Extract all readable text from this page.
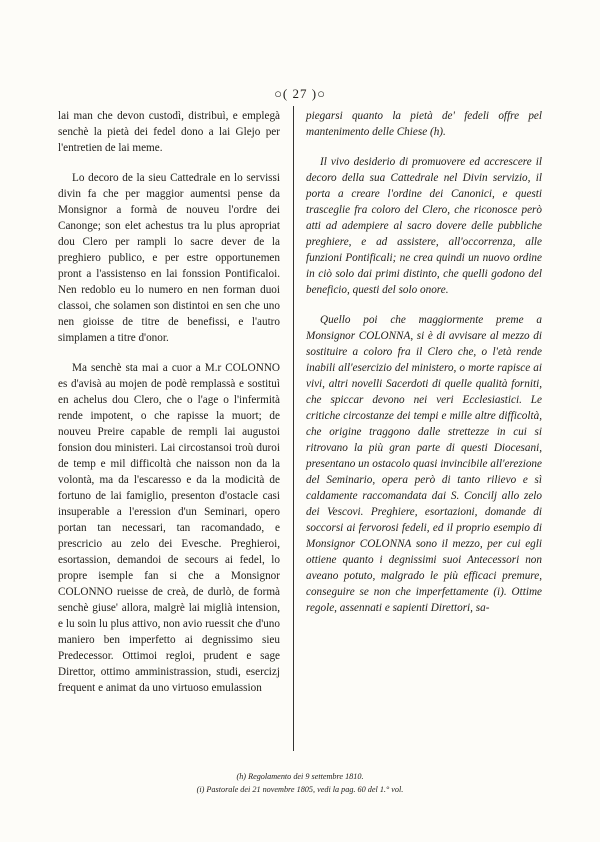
○( 27 )○

lai man che devon custodì, distribuì, e emplegà senchè la pietà dei fedel dono a lai Glejo per l'entretien de lai meme.

Lo decoro de la sieu Cattedrale en lo servissi divin fa che per maggior aumentsi pense da Monsignor a formà de nouveu l'ordre dei Canonge; son elet achestus tra lu plus apropriat dou Clero per rampli lo sacre dever de la preghiero publico, e per estre opportunemen pront a l'assistenso en lai fonssion Pontificaloi. Nen redoblo eu lo numero en nen forman duoi classoi, che solamen son distintoi en sen che uno nen gioisse de titre de benefissi, e l'autro simplamen a titre d'onor.

Ma senchè sta mai a cuor a M.r COLONNO es d'avisà au mojen de podè remplassà e sostituì en achelus dou Clero, che o l'age o l'infermità rende impotent, o che rapisse la muort; de nouveu Preire capable de rempli lai augustoi fonsion dou ministeri. Lai circostansoi troù duroi de temp e mil difficoltà che naisson non da la volontà, ma da l'escaresso e da la modicità de fortuno de lai famiglio, presenton d'ostacle casi insuperable a l'eression d'un Seminari, opero portan tan necessari, tan racomandado, e prescricio au zelo dei Evesche. Preghieroi, esortassion, demandoi de secours ai fedel, lo propre isemple fan si che a Monsignor COLONNO rueisse de creà, de durlò, de formà senchè giuse' allora, malgrè lai miglià intension, e lu soin lu plus attivo, non avio ruessit che d'uno maniero ben imperfetto ai degnissimo sieu Predecessor. Ottimoi regloi, prudent e sage Direttor, ottimo amministrassion, studi, esercizj frequent e animat da uno virtuoso emulassion

piegarsi quanto la pietà de' fedeli offre pel mantenimento delle Chiese (h).

Il vivo desiderio di promuovere ed accrescere il decoro della sua Cattedrale nel Divin servizio, il porta a creare l'ordine dei Canonici, e questi trasceglie fra coloro del Clero, che riconosce però atti ad adempiere al sacro dovere delle pubbliche preghiere, e ad assistere, all'occorrenza, alle funzioni Pontificali; ne crea quindi un nuovo ordine in ciò solo dai primi distinto, che quelli godono del beneficio, questi del solo onore.

Quello poi che maggiormente preme a Monsignor COLONNA, si è di avvisare al mezzo di sostituire a coloro fra il Clero che, o l'età rende inabili all'esercizio del ministero, o morte rapisce ai vivi, altri novelli Sacerdoti di quelle qualità forniti, che spiccar devono nei veri Ecclesiastici. Le critiche circostanze dei tempi e mille altre difficoltà, che origine traggono dalle strettezze in cui si ritrovano la più gran parte di questi Diocesani, presentano un ostacolo quasi invincibile all'erezione del Seminario, opera però di tanto rilievo e sì caldamente raccomandata dai S. Concilj allo zelo dei Vescovi. Preghiere, esortazioni, domande di soccorsi ai fervorosi fedeli, ed il proprio esempio di Monsignor COLONNA sono il mezzo, per cui egli ottiene quanto i degnissimi suoi Antecessori non aveano potuto, malgrado le più efficaci premure, conseguire se non che imperfettamente (i). Ottime regole, assennati e sapienti Direttori, sa-

(h) Regolamento dei 9 settembre 1810.
(i) Pastorale dei 21 novembre 1805, vedi la pag. 60 del 1.° vol.
